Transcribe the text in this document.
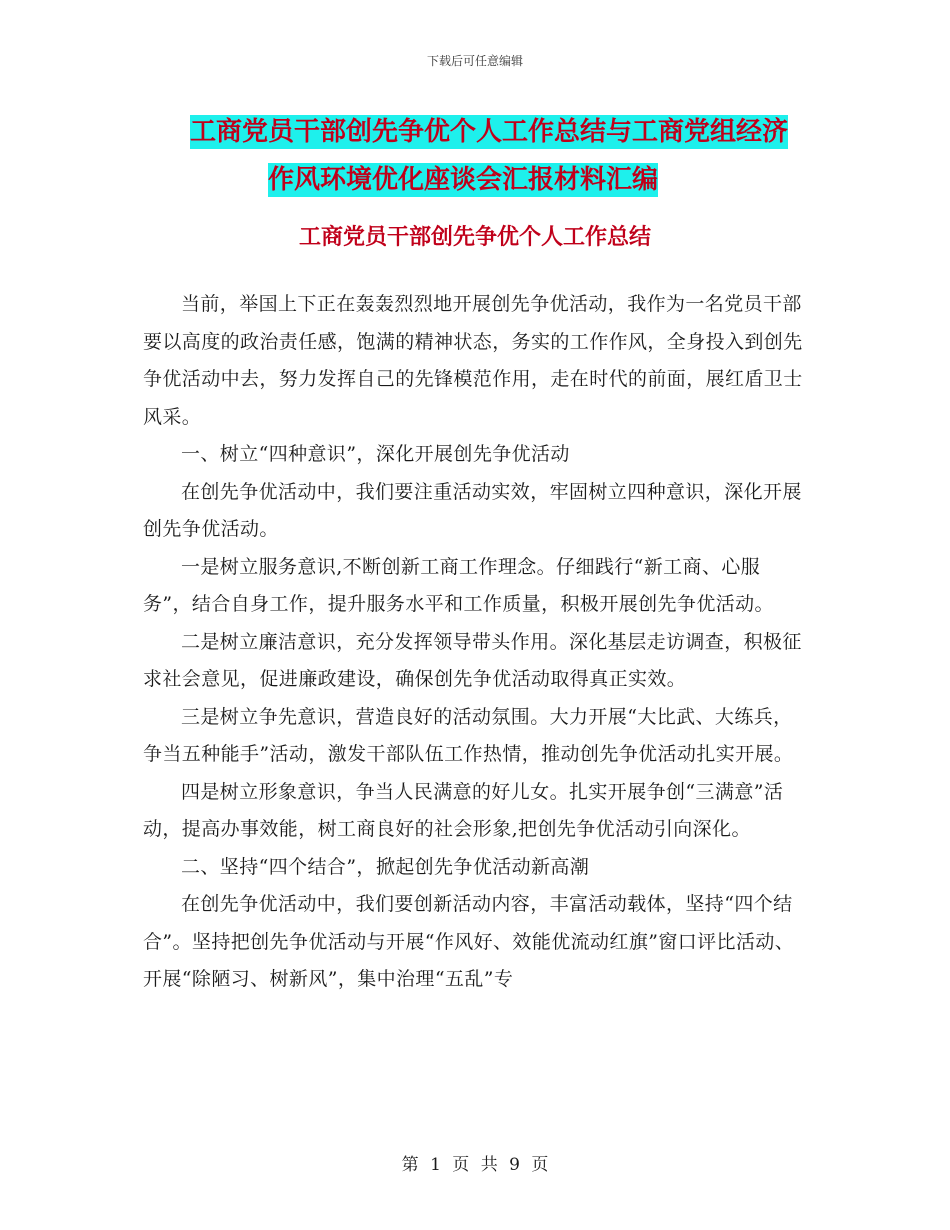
下载后可任意编辑
工商党员干部创先争优个人工作总结与工商党组经济
作风环境优化座谈会汇报材料汇编
工商党员干部创先争优个人工作总结

当前，举国上下正在轰轰烈烈地开展创先争优活动，我作为一名党员干部要以高度的政治责任感，饱满的精神状态，务实的工作作风，全身投入到创先争优活动中去，努力发挥自己的先锋模范作用，走在时代的前面，展红盾卫士风采。

一、树立“四种意识”，深化开展创先争优活动

在创先争优活动中，我们要注重活动实效，牢固树立四种意识，深化开展创先争优活动。

一是树立服务意识,不断创新工商工作理念。仔细践行“新工商、心服务”，结合自身工作，提升服务水平和工作质量，积极开展创先争优活动。

二是树立廉洁意识，充分发挥领导带头作用。深化基层走访调查，积极征求社会意见，促进廉政建设，确保创先争优活动取得真正实效。

三是树立争先意识，营造良好的活动氛围。大力开展“大比武、大练兵，争当五种能手”活动，激发干部队伍工作热情，推动创先争优活动扎实开展。

四是树立形象意识，争当人民满意的好儿女。扎实开展争创“三满意”活动，提高办事效能，树工商良好的社会形象,把创先争优活动引向深化。

二、坚持“四个结合”，掀起创先争优活动新高潮

在创先争优活动中，我们要创新活动内容，丰富活动载体，坚持“四个结合”。坚持把创先争优活动与开展“作风好、效能优流动红旗”窗口评比活动、开展“除陋习、树新风”，集中治理“五乱”专

第 1 页 共 9 页
